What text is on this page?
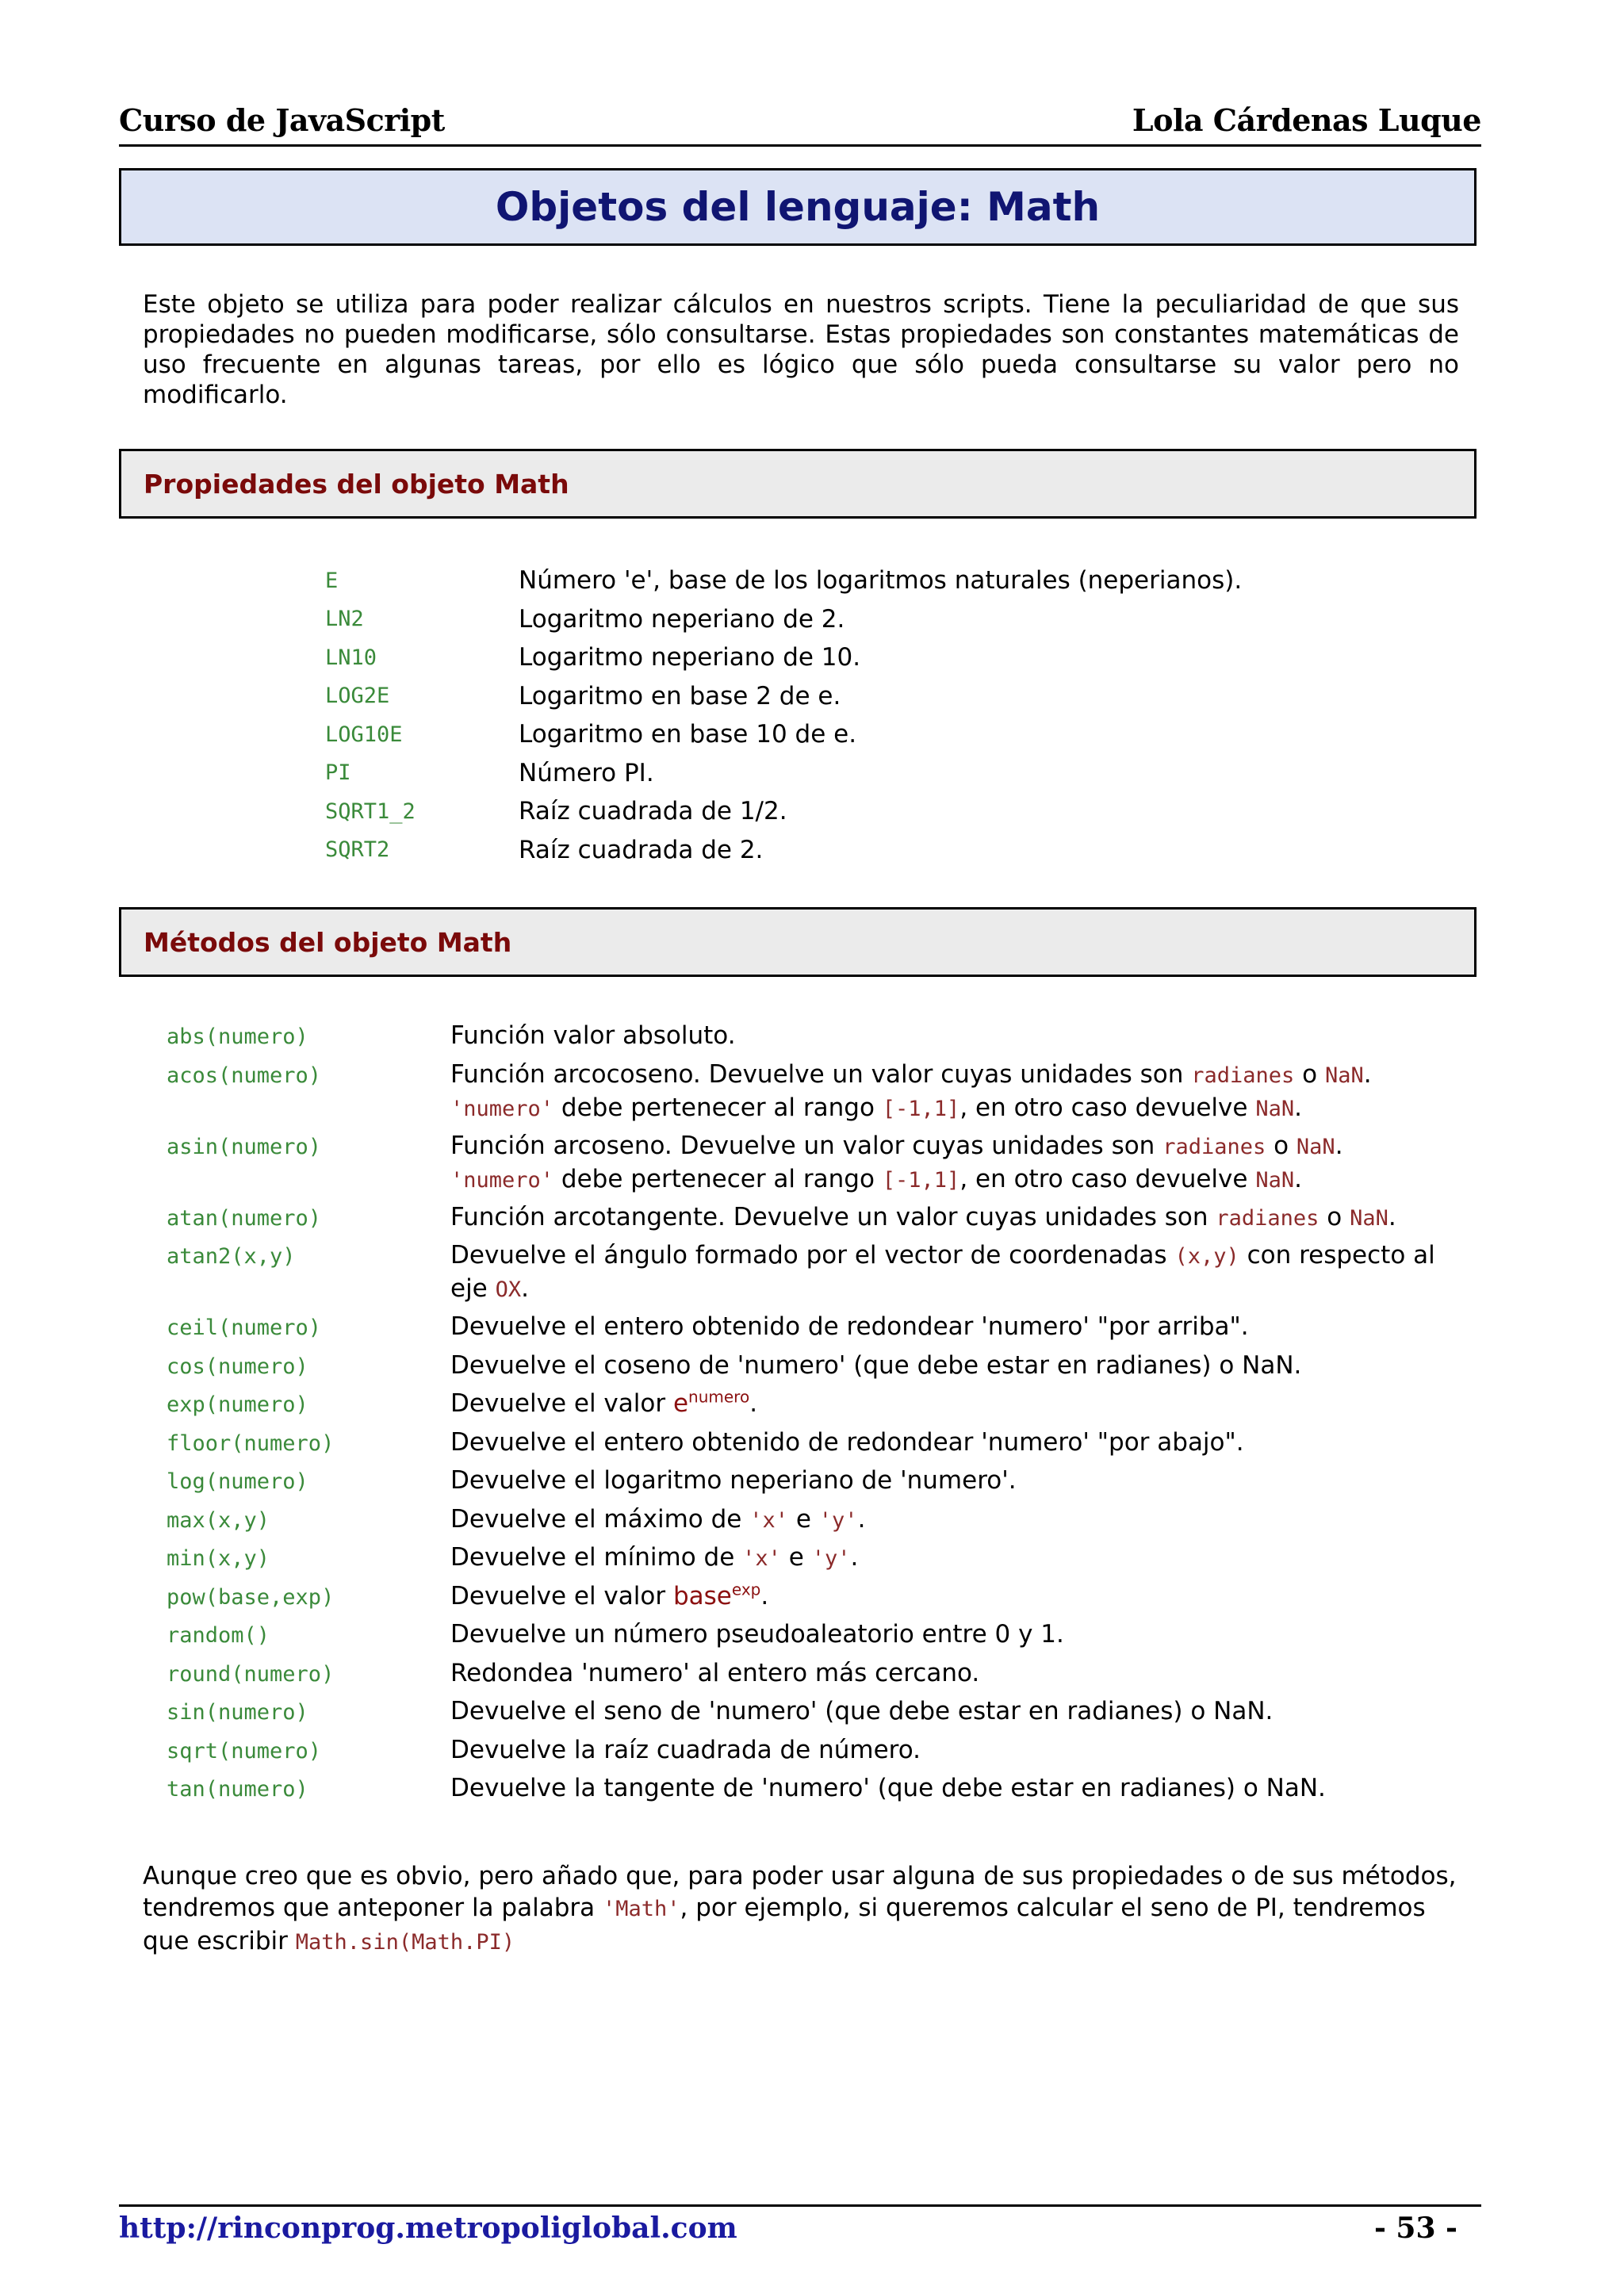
Curso de JavaScript	Lola Cárdenas Luque
Objetos del lenguaje: Math

Este objeto se utiliza para poder realizar cálculos en nuestros scripts. Tiene la peculiaridad de que sus propiedades no pueden modificarse, sólo consultarse. Estas propiedades son constantes matemáticas de uso frecuente en algunas tareas, por ello es lógico que sólo pueda consultarse su valor pero no modificarlo.

Propiedades del objeto Math
E	Número 'e', base de los logaritmos naturales (neperianos).
LN2	Logaritmo neperiano de 2.
LN10	Logaritmo neperiano de 10.
LOG2E	Logaritmo en base 2 de e.
LOG10E	Logaritmo en base 10 de e.
PI	Número PI.
SQRT1_2	Raíz cuadrada de 1/2.
SQRT2	Raíz cuadrada de 2.
Métodos del objeto Math
abs(numero)	Función valor absoluto.
acos(numero)	Función arcocoseno. Devuelve un valor cuyas unidades son radianes o NaN.
'numero' debe pertenecer al rango [-1,1], en otro caso devuelve NaN.
asin(numero)	Función arcoseno. Devuelve un valor cuyas unidades son radianes o NaN.
'numero' debe pertenecer al rango [-1,1], en otro caso devuelve NaN.
atan(numero)	Función arcotangente. Devuelve un valor cuyas unidades son radianes o NaN.
atan2(x,y)	Devuelve el ángulo formado por el vector de coordenadas (x,y) con respecto al eje OX.
ceil(numero)	Devuelve el entero obtenido de redondear 'numero' "por arriba".
cos(numero)	Devuelve el coseno de 'numero' (que debe estar en radianes) o NaN.
exp(numero)	Devuelve el valor $e^{numero}$.
floor(numero)	Devuelve el entero obtenido de redondear 'numero' "por abajo".
log(numero)	Devuelve el logaritmo neperiano de 'numero'.
max(x,y)	Devuelve el máximo de 'x' e 'y'.
min(x,y)	Devuelve el mínimo de 'x' e 'y'.
pow(base,exp)	Devuelve el valor base$^{exp}$.
random()	Devuelve un número pseudoaleatorio entre 0 y 1.
round(numero)	Redondea 'numero' al entero más cercano.
sin(numero)	Devuelve el seno de 'numero' (que debe estar en radianes) o NaN.
sqrt(numero)	Devuelve la raíz cuadrada de número.
tan(numero)	Devuelve la tangente de 'numero' (que debe estar en radianes) o NaN.

Aunque creo que es obvio, pero añado que, para poder usar alguna de sus propiedades o de sus métodos, tendremos que anteponer la palabra 'Math', por ejemplo, si queremos calcular el seno de PI, tendremos que escribir Math.sin(Math.PI)

http://rinconprog.metropoliglobal.com	- 53 -
